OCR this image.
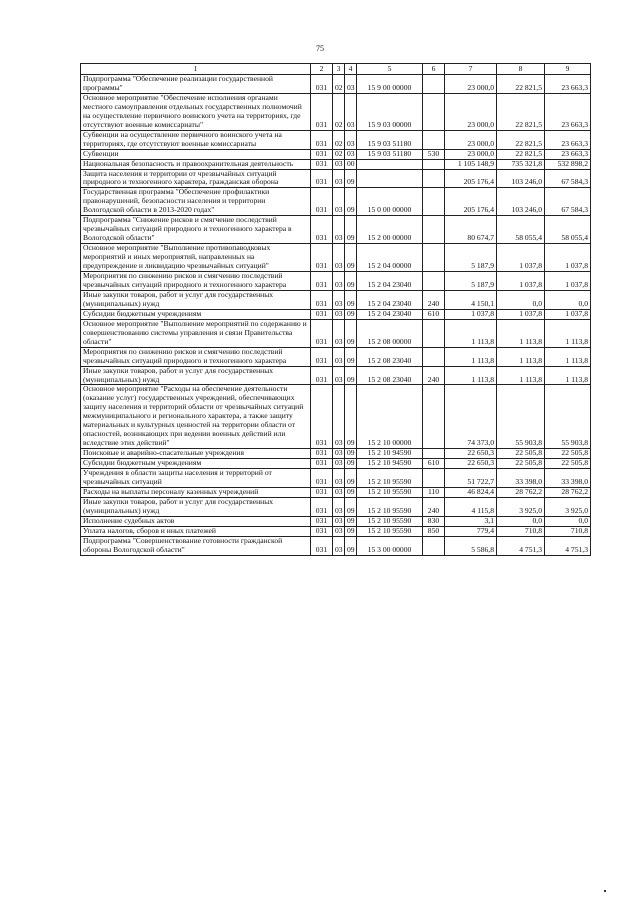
75
1	2	3	4	5	6	7	8	9
Подпрограмма "Обеспечение реализации государственной программы"	031	02	03	15 9 00 00000		23 000,0	22 821,5	23 663,3
Основное мероприятие "Обеспечение исполнения органами местного самоуправления отдельных государственных полномочий на осуществление первичного воинского учета на территориях, где отсутствуют военные комиссариаты"	031	02	03	15 9 03 00000		23 000,0	22 821,5	23 663,3
Субвенции на осуществление первичного воинского учета на территориях, где отсутствуют военные комиссариаты	031	02	03	15 9 03 51180		23 000,0	22 821,5	23 663,3
Субвенции	031	02	03	15 9 03 51180	530	23 000,0	22 821,5	23 663,3
Национальная безопасность и правоохранительная деятельность	031	03	00			1 105 148,9	735 321,8	532 898,2
Защита населения и территории от чрезвычайных ситуаций природного и техногенного характера, гражданская оборона	031	03	09			205 176,4	103 246,0	67 584,3
Государственная программа "Обеспечение профилактики правонарушений, безопасности населения и территории Вологодской области в 2013-2020 годах"	031	03	09	15 0 00 00000		205 176,4	103 246,0	67 584,3
Подпрограмма "Снижение рисков и смягчение последствий чрезвычайных ситуаций природного и техногенного характера в Вологодской области"	031	03	09	15 2 00 00000		80 674,7	58 055,4	58 055,4
Основное мероприятие "Выполнение противопаводковых мероприятий и иных мероприятий, направленных на предупреждение и ликвидацию чрезвычайных ситуаций"	031	03	09	15 2 04 00000		5 187,9	1 037,8	1 037,8
Мероприятия по снижению рисков и смягчению последствий чрезвычайных ситуаций природного и техногенного характера	031	03	09	15 2 04 23040		5 187,9	1 037,8	1 037,8
Иные закупки товаров, работ и услуг для государственных (муниципальных) нужд	031	03	09	15 2 04 23040	240	4 150,1	0,0	0,0
Субсидии бюджетным учреждениям	031	03	09	15 2 04 23040	610	1 037,8	1 037,8	1 037,8
Основное мероприятие "Выполнение мероприятий по содержанию и совершенствованию системы управления и связи Правительства области"	031	03	09	15 2 08 00000		1 113,8	1 113,8	1 113,8
Мероприятия по снижению рисков и смягчению последствий чрезвычайных ситуаций природного и техногенного характера	031	03	09	15 2 08 23040		1 113,8	1 113,8	1 113,8
Иные закупки товаров, работ и услуг для государственных (муниципальных) нужд	031	03	09	15 2 08 23040	240	1 113,8	1 113,8	1 113,8
Основное мероприятие "Расходы на обеспечение деятельности (оказание услуг) государственных учреждений, обеспечивающих защиту населения и территорий области от чрезвычайных ситуаций межмуниципального и регионального характера, а также защиту материальных и культурных ценностей на территории области от опасностей, возникающих при ведении военных действий или вследствие этих действий"	031	03	09	15 2 10 00000		74 373,0	55 903,8	55 903,8
Поисковые и аварийно-спасательные учреждения	031	03	09	15 2 10 94590		22 650,3	22 505,8	22 505,8
Субсидии бюджетным учреждениям	031	03	09	15 2 10 94590	610	22 650,3	22 505,8	22 505,8
Учреждения в области защиты населения и территорий от чрезвычайных ситуаций	031	03	09	15 2 10 95590		51 722,7	33 398,0	33 398,0
Расходы на выплаты персоналу казенных учреждений	031	03	09	15 2 10 95590	110	46 824,4	28 762,2	28 762,2
Иные закупки товаров, работ и услуг для государственных (муниципальных) нужд	031	03	09	15 2 10 95590	240	4 115,8	3 925,0	3 925,0
Исполнение судебных актов	031	03	09	15 2 10 95590	830	3,1	0,0	0,0
Уплата налогов, сборов и иных платежей	031	03	09	15 2 10 95590	850	779,4	710,8	710,8
Подпрограмма "Совершенствование готовности гражданской обороны Вологодской области"	031	03	09	15 3 00 00000		5 586,8	4 751,3	4 751,3
